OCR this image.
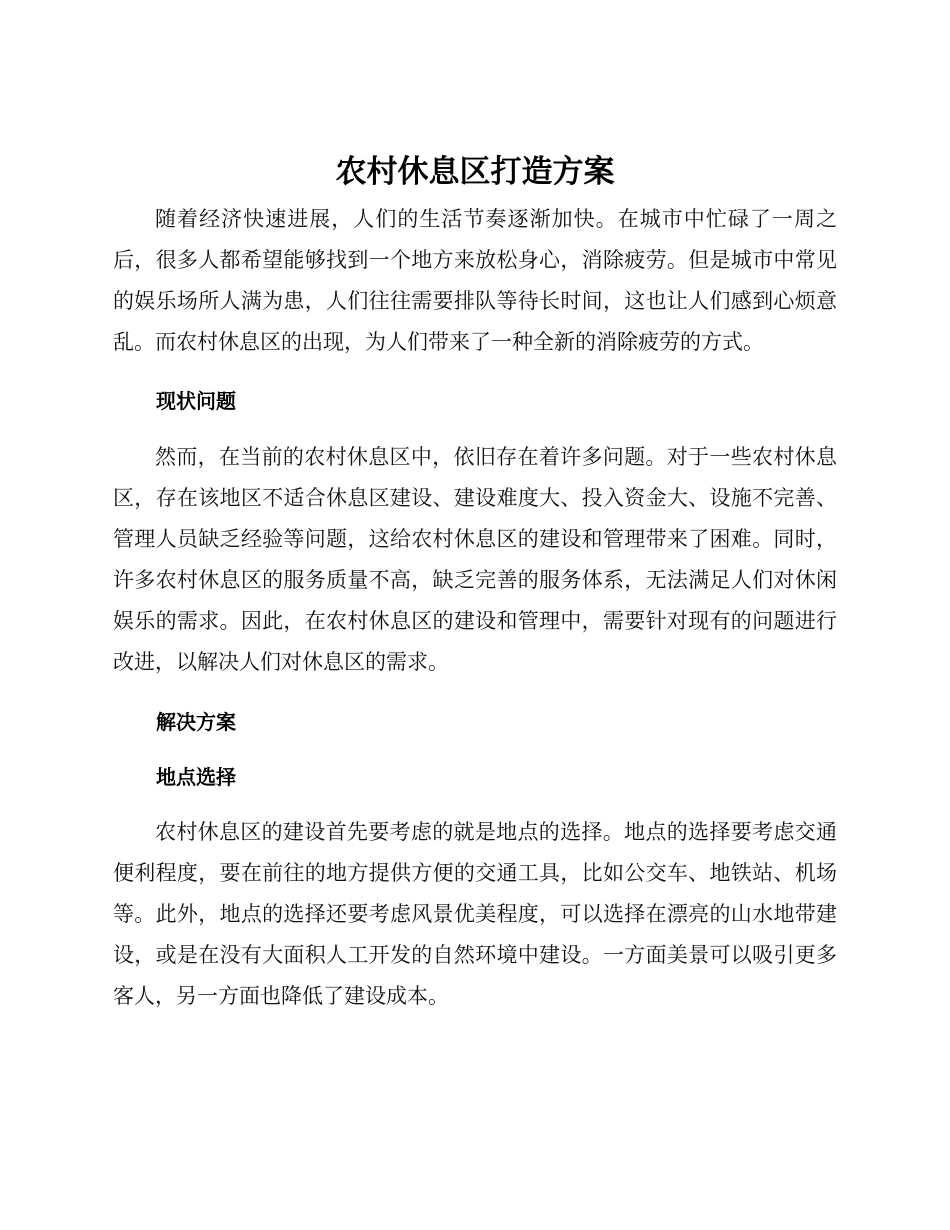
农村休息区打造方案

随着经济快速进展，人们的生活节奏逐渐加快。在城市中忙碌了一周之后，很多人都希望能够找到一个地方来放松身心，消除疲劳。但是城市中常见的娱乐场所人满为患，人们往往需要排队等待长时间，这也让人们感到心烦意乱。而农村休息区的出现，为人们带来了一种全新的消除疲劳的方式。

现状问题

然而，在当前的农村休息区中，依旧存在着许多问题。对于一些农村休息区，存在该地区不适合休息区建设、建设难度大、投入资金大、设施不完善、管理人员缺乏经验等问题，这给农村休息区的建设和管理带来了困难。同时，许多农村休息区的服务质量不高，缺乏完善的服务体系，无法满足人们对休闲娱乐的需求。因此，在农村休息区的建设和管理中，需要针对现有的问题进行改进，以解决人们对休息区的需求。

解决方案
地点选择

农村休息区的建设首先要考虑的就是地点的选择。地点的选择要考虑交通便利程度，要在前往的地方提供方便的交通工具，比如公交车、地铁站、机场等。此外，地点的选择还要考虑风景优美程度，可以选择在漂亮的山水地带建设，或是在没有大面积人工开发的自然环境中建设。一方面美景可以吸引更多客人，另一方面也降低了建设成本。
